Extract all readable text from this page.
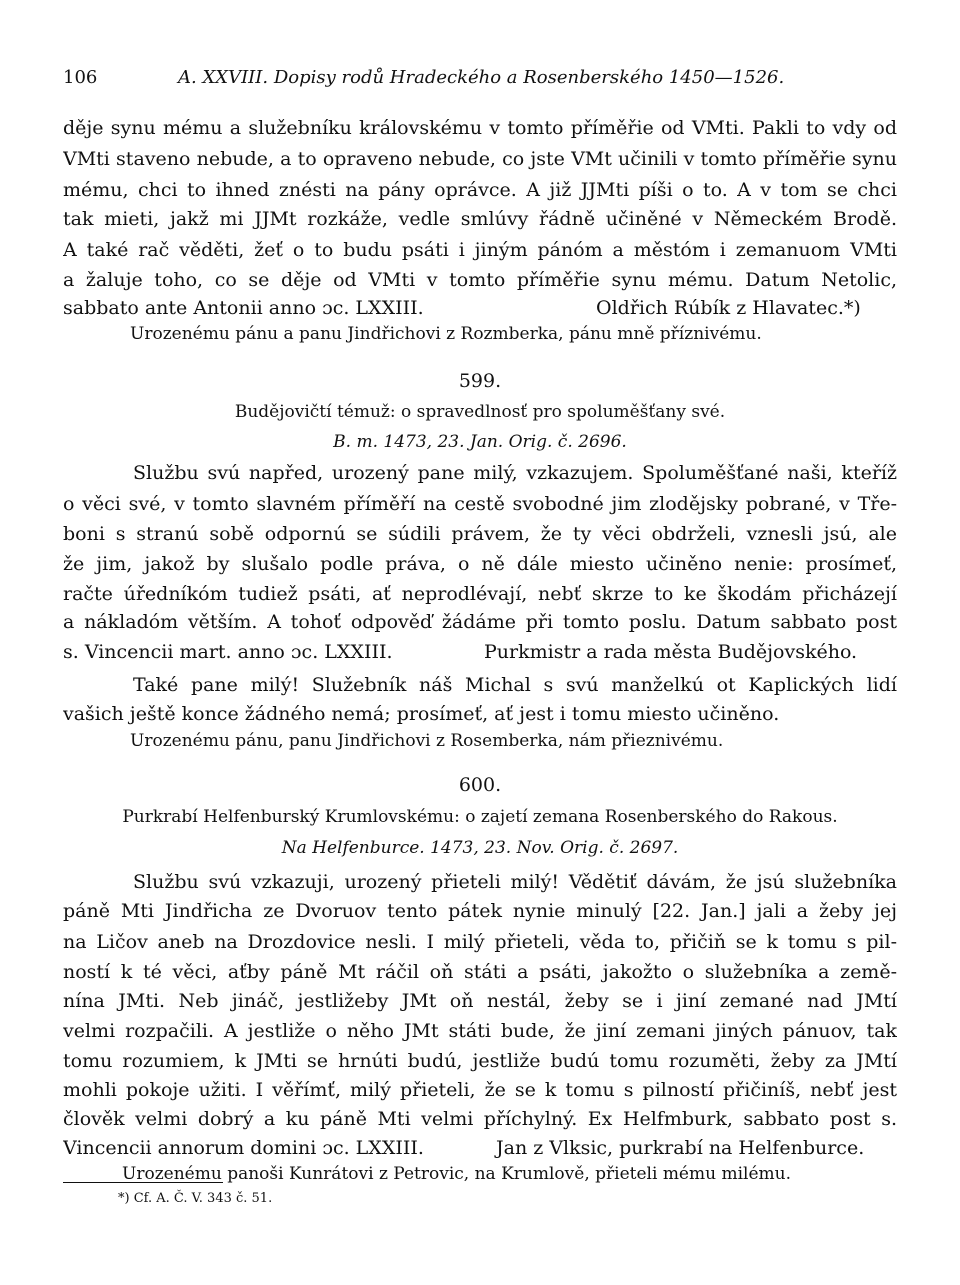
106	A. XXVIII. Dopisy rodů Hradeckého a Rosenberského 1450—1526.
děje synu mému a služebníku královskému v tomto příměřie od VMti. Pakli to vdy od
VMti staveno nebude, a to opraveno nebude, co jste VMt učinili v tomto příměřie synu
mému, chci to ihned znésti na pány oprávce. A již JJMti píši o to. A v tom se chci
tak mieti, jakž mi JJMt rozkáže, vedle smlúvy řádně učiněné v Německém Brodě.
A také rač věděti, žeť o to budu psáti i jiným pánóm a městóm i zemanuom VMti
a žaluje toho, co se děje od VMti v tomto příměřie synu mému. Datum Netolic,
sabbato ante Antonii anno ɔc. LXXIII.	Oldřich Rúbík z Hlavatec.*)
Urozenému pánu a panu Jindřichovi z Rozmberka, pánu mně příznivému.
599.
Budějovičtí témuž: o spravedlnosť pro spoluměšťany své.
B. m. 1473, 23. Jan. Orig. č. 2696.
Službu svú napřed, urozený pane milý, vzkazujem. Spoluměšťané naši, kteříž
o věci své, v tomto slavném příměří na cestě svobodné jim zlodějsky pobrané, v Tře-
boni s stranú sobě odpornú se súdili právem, že ty věci obdrželi, vznesli jsú, ale
že jim, jakož by slušalo podle práva, o ně dále miesto učiněno nenie: prosímeť,
račte úředníkóm tudiež psáti, ať neprodlévají, nebť skrze to ke škodám přicházejí
a nákladóm větším. A tohoť odpověď žádáme při tomto poslu. Datum sabbato post
s. Vincencii mart. anno ɔc. LXXIII.	Purkmistr a rada města Budějovského.
Také pane milý! Služebník náš Michal s svú manželkú ot Kaplických lidí
vašich ještě konce žádného nemá; prosímeť, ať jest i tomu miesto učiněno.
Urozenému pánu, panu Jindřichovi z Rosemberka, nám přieznivému.
600.
Purkrabí Helfenburský Krumlovskému: o zajetí zemana Rosenberského do Rakous.
Na Helfenburce. 1473, 23. Nov. Orig. č. 2697.
Službu svú vzkazuji, urozený přieteli milý! Vědětiť dávám, že jsú služebníka
páně Mti Jindřicha ze Dvoruov tento pátek nynie minulý [22. Jan.] jali a žeby jej
na Ličov aneb na Drozdovice nesli. I milý přieteli, věda to, přičiň se k tomu s pil-
ností k té věci, aťby páně Mt ráčil oň státi a psáti, jakožto o služebníka a země-
nína JMti. Neb jináč, jestližeby JMt oň nestál, žeby se i jiní zemané nad JMtí
velmi rozpačili. A jestliže o něho JMt státi bude, že jiní zemani jiných pánuov, tak
tomu rozumiem, k JMti se hrnúti budú, jestliže budú tomu rozuměti, žeby za JMtí
mohli pokoje užiti. I věřímť, milý přieteli, že se k tomu s pilností přičiníš, nebť jest
člověk velmi dobrý a ku páně Mti velmi příchylný. Ex Helfmburk, sabbato post s.
Vincencii annorum domini ɔc. LXXIII.	Jan z Vlksic, purkrabí na Helfenburce.
Urozenému panoši Kunrátovi z Petrovic, na Krumlově, přieteli mému milému.
*) Cf. A. Č. V. 343 č. 51.
